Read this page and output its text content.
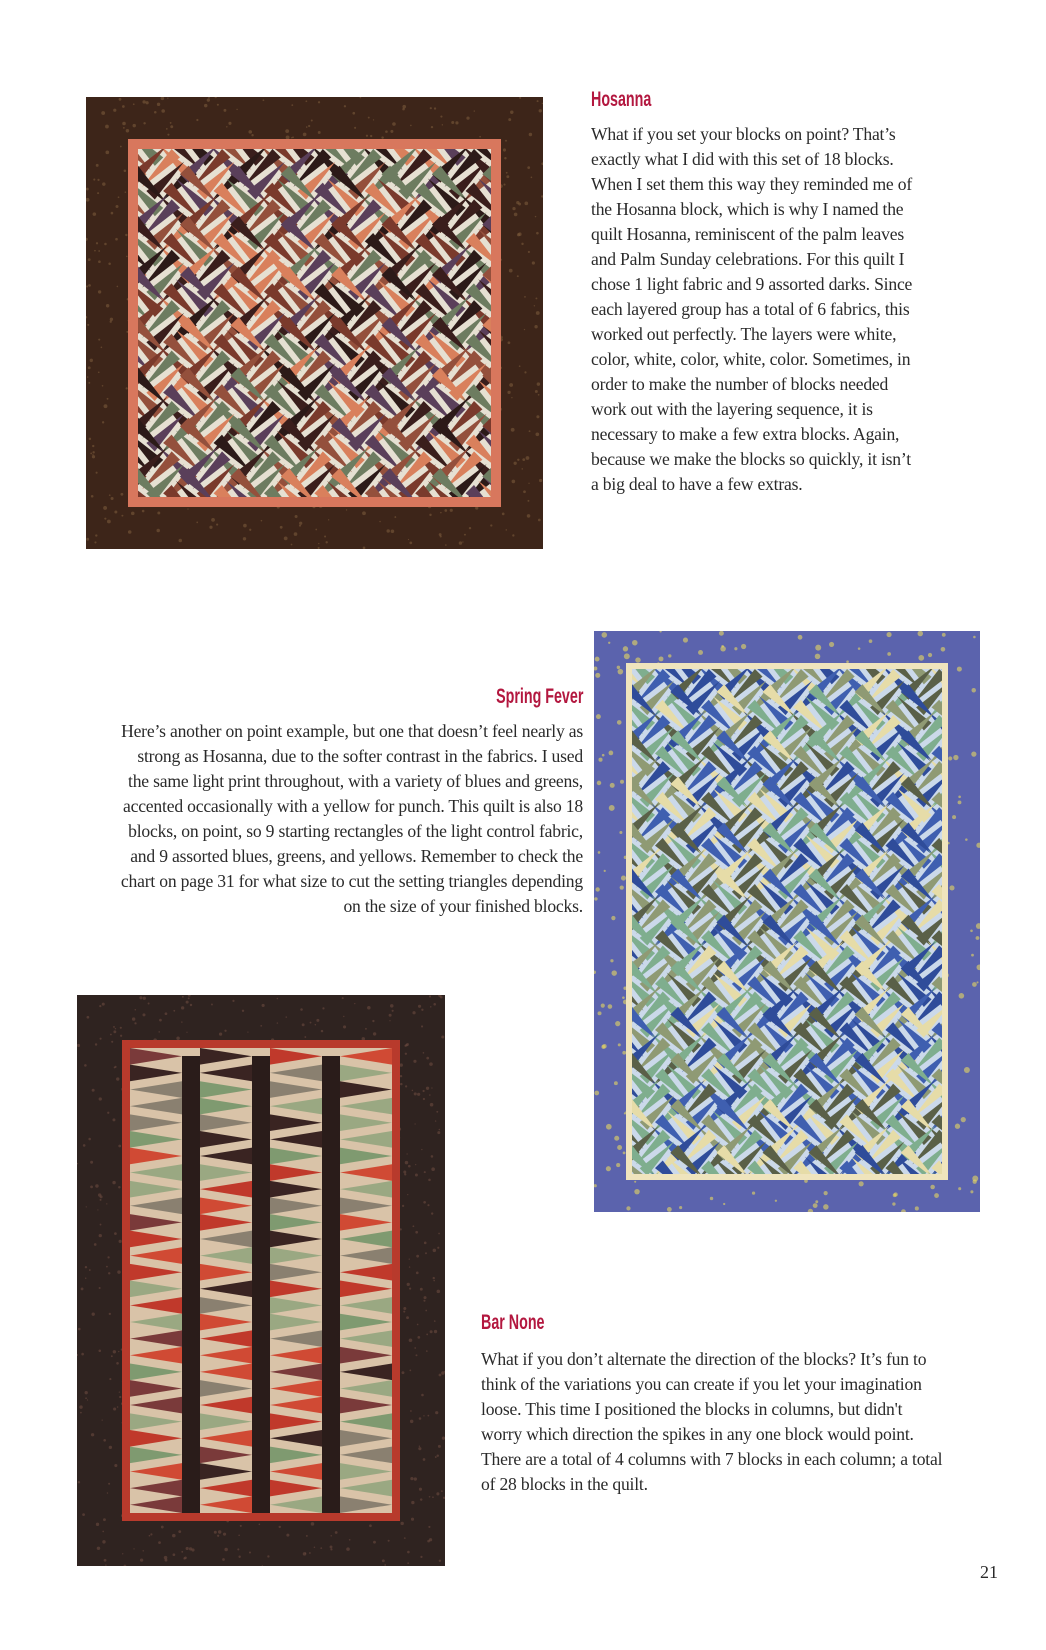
Hosanna
What if you set your blocks on point? That’s
exactly what I did with this set of 18 blocks.
When I set them this way they reminded me of
the Hosanna block, which is why I named the
quilt Hosanna, reminiscent of the palm leaves
and Palm Sunday celebrations. For this quilt I
chose 1 light fabric and 9 assorted darks. Since
each layered group has a total of 6 fabrics, this
worked out perfectly. The layers were white,
color, white, color, white, color. Sometimes, in
order to make the number of blocks needed
work out with the layering sequence, it is
necessary to make a few extra blocks. Again,
because we make the blocks so quickly, it isn’t
a big deal to have a few extras.
Spring Fever
Here’s another on point example, but one that doesn’t feel nearly as
strong as Hosanna, due to the softer contrast in the fabrics. I used
the same light print throughout, with a variety of blues and greens,
accented occasionally with a yellow for punch. This quilt is also 18
blocks, on point, so 9 starting rectangles of the light control fabric,
and 9 assorted blues, greens, and yellows. Remember to check the
chart on page 31 for what size to cut the setting triangles depending
on the size of your finished blocks.
Bar None
What if you don’t alternate the direction of the blocks? It’s fun to
think of the variations you can create if you let your imagination
loose. This time I positioned the blocks in columns, but didn't
worry which direction the spikes in any one block would point.
There are a total of 4 columns with 7 blocks in each column; a total
of 28 blocks in the quilt.
21
